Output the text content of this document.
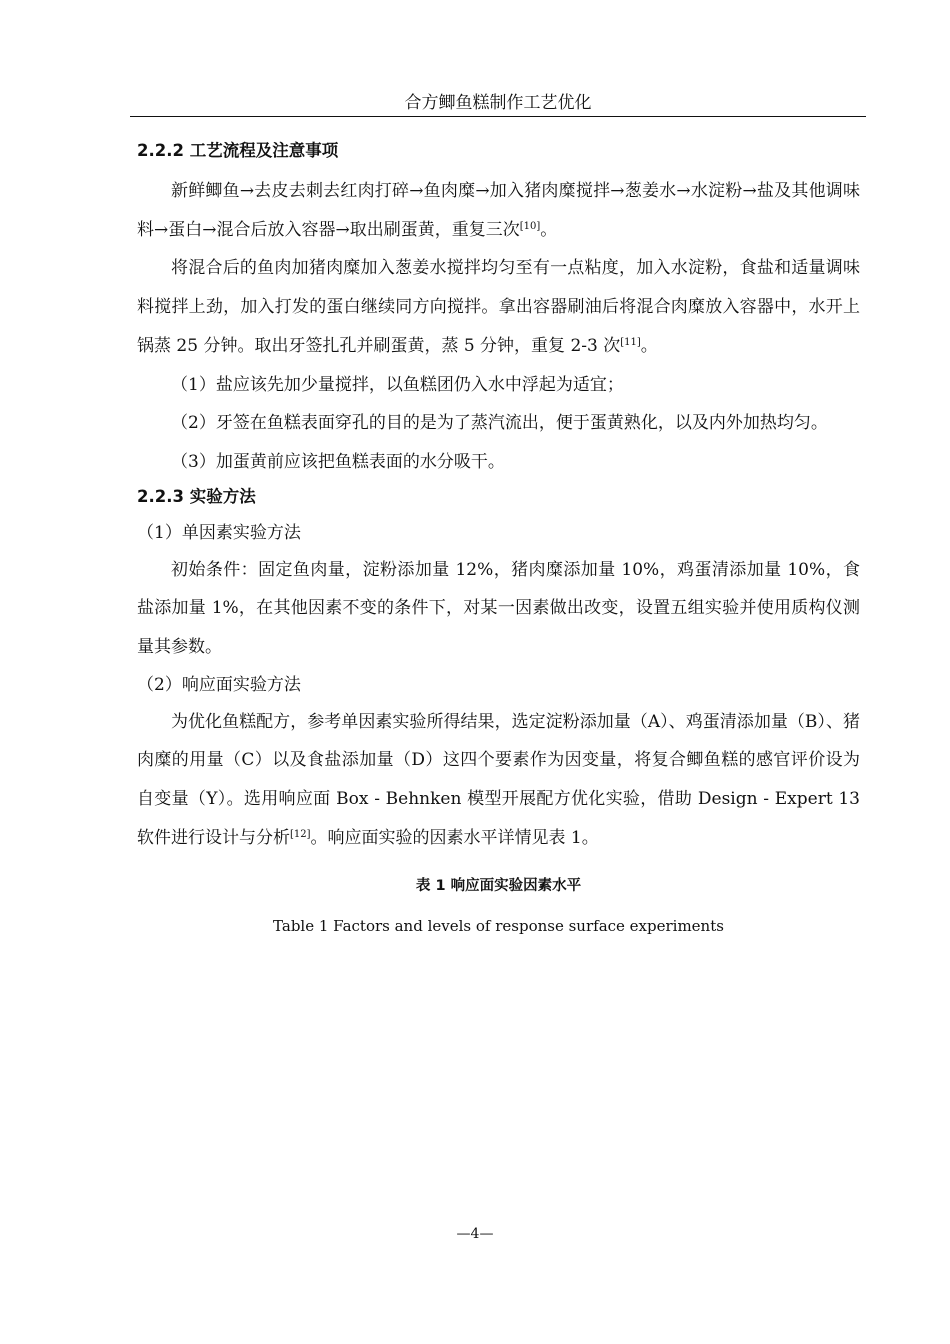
合方鲫鱼糕制作工艺优化
2.2.2 工艺流程及注意事项

新鲜鲫鱼→去皮去刺去红肉打碎→鱼肉糜→加入猪肉糜搅拌→葱姜水→水淀粉→盐及其他调味料→蛋白→混合后放入容器→取出刷蛋黄，重复三次[10]。

将混合后的鱼肉加猪肉糜加入葱姜水搅拌均匀至有一点粘度，加入水淀粉，食盐和适量调味料搅拌上劲，加入打发的蛋白继续同方向搅拌。拿出容器刷油后将混合肉糜放入容器中，水开上锅蒸 25 分钟。取出牙签扎孔并刷蛋黄，蒸 5 分钟，重复 2-3 次[11]。

（1）盐应该先加少量搅拌，以鱼糕团仍入水中浮起为适宜；

（2）牙签在鱼糕表面穿孔的目的是为了蒸汽流出，便于蛋黄熟化，以及内外加热均匀。

（3）加蛋黄前应该把鱼糕表面的水分吸干。

2.2.3 实验方法
（1）单因素实验方法

初始条件：固定鱼肉量，淀粉添加量 12%，猪肉糜添加量 10%，鸡蛋清添加量 10%，食盐添加量 1%，在其他因素不变的条件下，对某一因素做出改变，设置五组实验并使用质构仪测量其参数。

（2）响应面实验方法

为优化鱼糕配方，参考单因素实验所得结果，选定淀粉添加量（A）、鸡蛋清添加量（B）、猪肉糜的用量（C）以及食盐添加量（D）这四个要素作为因变量，将复合鲫鱼糕的感官评价设为自变量（Y）。选用响应面 Box - Behnken 模型开展配方优化实验，借助 Design - Expert 13 软件进行设计与分析[12]。响应面实验的因素水平详情见表 1。

表 1 响应面实验因素水平
Table 1 Factors and levels of response surface experiments
—4—
